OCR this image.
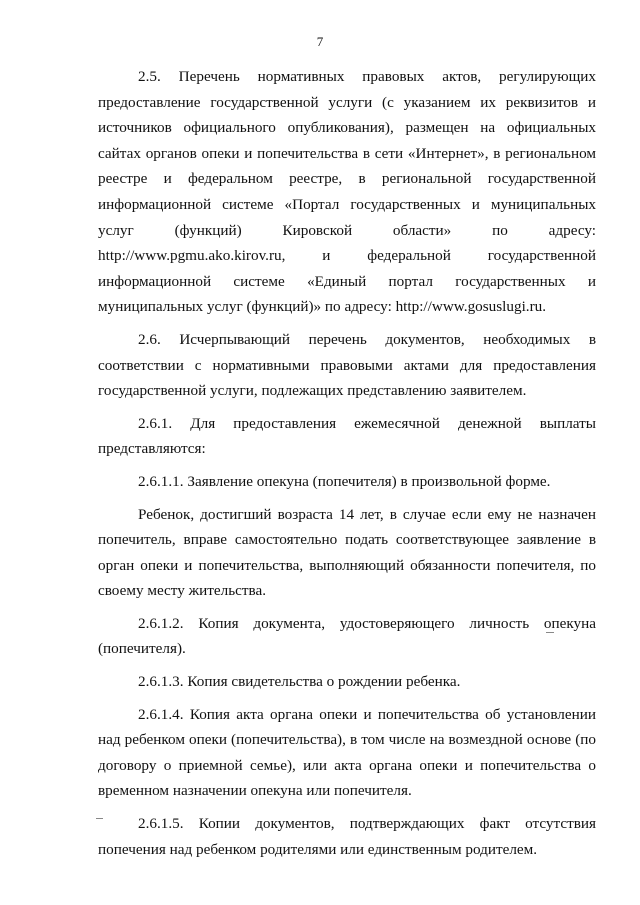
7

2.5. Перечень нормативных правовых актов, регулирующих предоставление государственной услуги (с указанием их реквизитов и источников официального опубликования), размещен на официальных сайтах органов опеки и попечительства в сети «Интернет», в региональном реестре и федеральном реестре, в региональной государственной информационной системе «Портал государственных и муниципальных услуг (функций) Кировской области» по адресу: http://www.pgmu.ako.kirov.ru, и федеральной государственной информационной системе «Единый портал государственных и муниципальных услуг (функций)» по адресу: http://www.gosuslugi.ru.

2.6. Исчерпывающий перечень документов, необходимых в соответствии с нормативными правовыми актами для предоставления государственной услуги, подлежащих представлению заявителем.

2.6.1. Для предоставления ежемесячной денежной выплаты представляются:

2.6.1.1. Заявление опекуна (попечителя) в произвольной форме.

Ребенок, достигший возраста 14 лет, в случае если ему не назначен попечитель, вправе самостоятельно подать соответствующее заявление в орган опеки и попечительства, выполняющий обязанности попечителя, по своему месту жительства.

2.6.1.2. Копия документа, удостоверяющего личность опекуна (попечителя).

2.6.1.3. Копия свидетельства о рождении ребенка.

2.6.1.4. Копия акта органа опеки и попечительства об установлении над ребенком опеки (попечительства), в том числе на возмездной основе (по договору о приемной семье), или акта органа опеки и попечительства о временном назначении опекуна или попечителя.

2.6.1.5. Копии документов, подтверждающих факт отсутствия попечения над ребенком родителями или единственным родителем.
